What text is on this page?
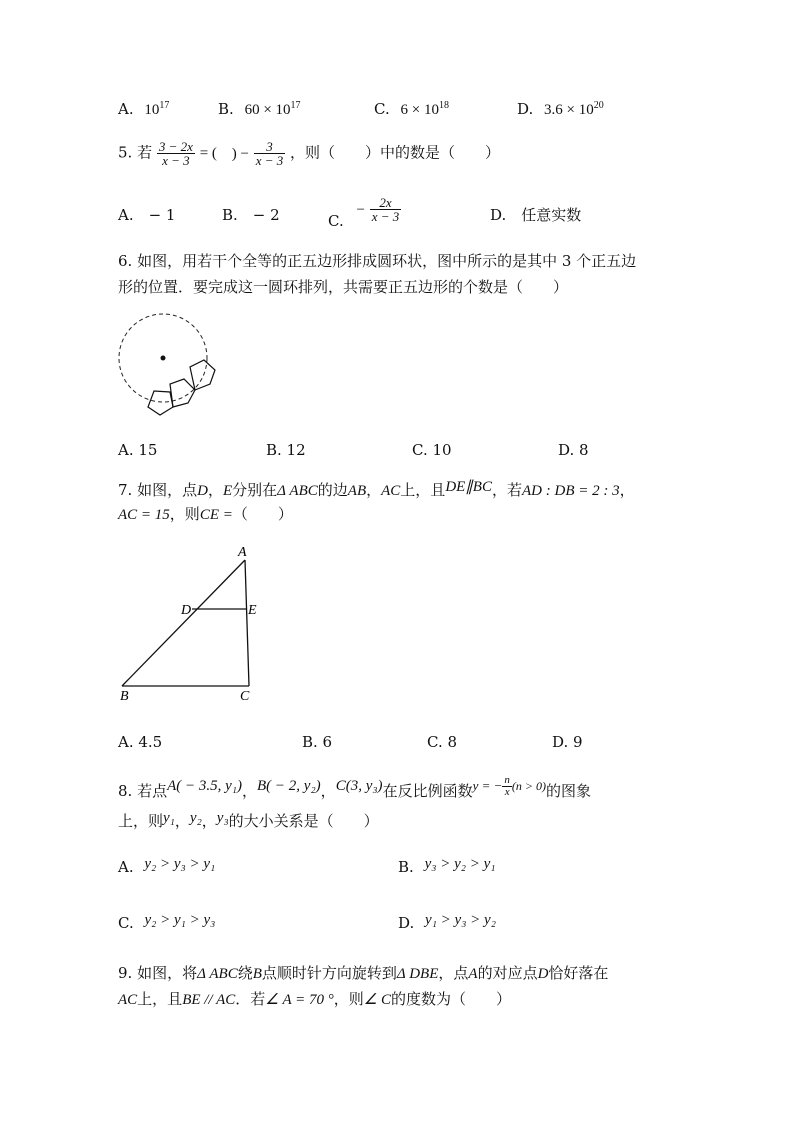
A. $10^{17}$	B. $60 \times 10^{17}$	C. $6 \times 10^{18}$	D. $3.6 \times 10^{20}$
5. 若 $\frac{3 - 2x}{x - 3}$ = ( ) − $\frac{3}{x - 3}$ ，则（　　）中的数是（　　）
A.　− 1	B.　− 2	C. − $\frac{2x}{x - 3}$	D.　任意实数
6. 如图，用若干个全等的正五边形排成圆环状，图中所示的是其中 3 个正五边
形的位置．要完成这一圆环排列，共需要正五边形的个数是（　　）
A. 15	B. 12	C. 10	D. 8
7. 如图，点D，E分别在Δ ABC的边AB，AC上，且DE∥BC，若AD : DB = 2 : 3，
AC = 15，则CE =（　　）
A
D	E
B	C
A. 4.5	B. 6	C. 8	D. 9
8. 若点A( − 3.5, y₁)，B( − 2, y₂)，C(3, y₃)在反比例函数y = − $\frac{n}{x} ^{(n > 0)}$的图象
上，则y₁，y₂，y₃的大小关系是（　　）
A. y₂ > y₃ > y₁	B. y₃ > y₂ > y₁
C. y₂ > y₁ > y₃	D. y₁ > y₃ > y₂
9. 如图，将Δ ABC绕B点顺时针方向旋转到Δ DBE，点A的对应点D恰好落在
AC上，且BE // AC．若∠ A = 70 °，则∠ C的度数为（　　）
